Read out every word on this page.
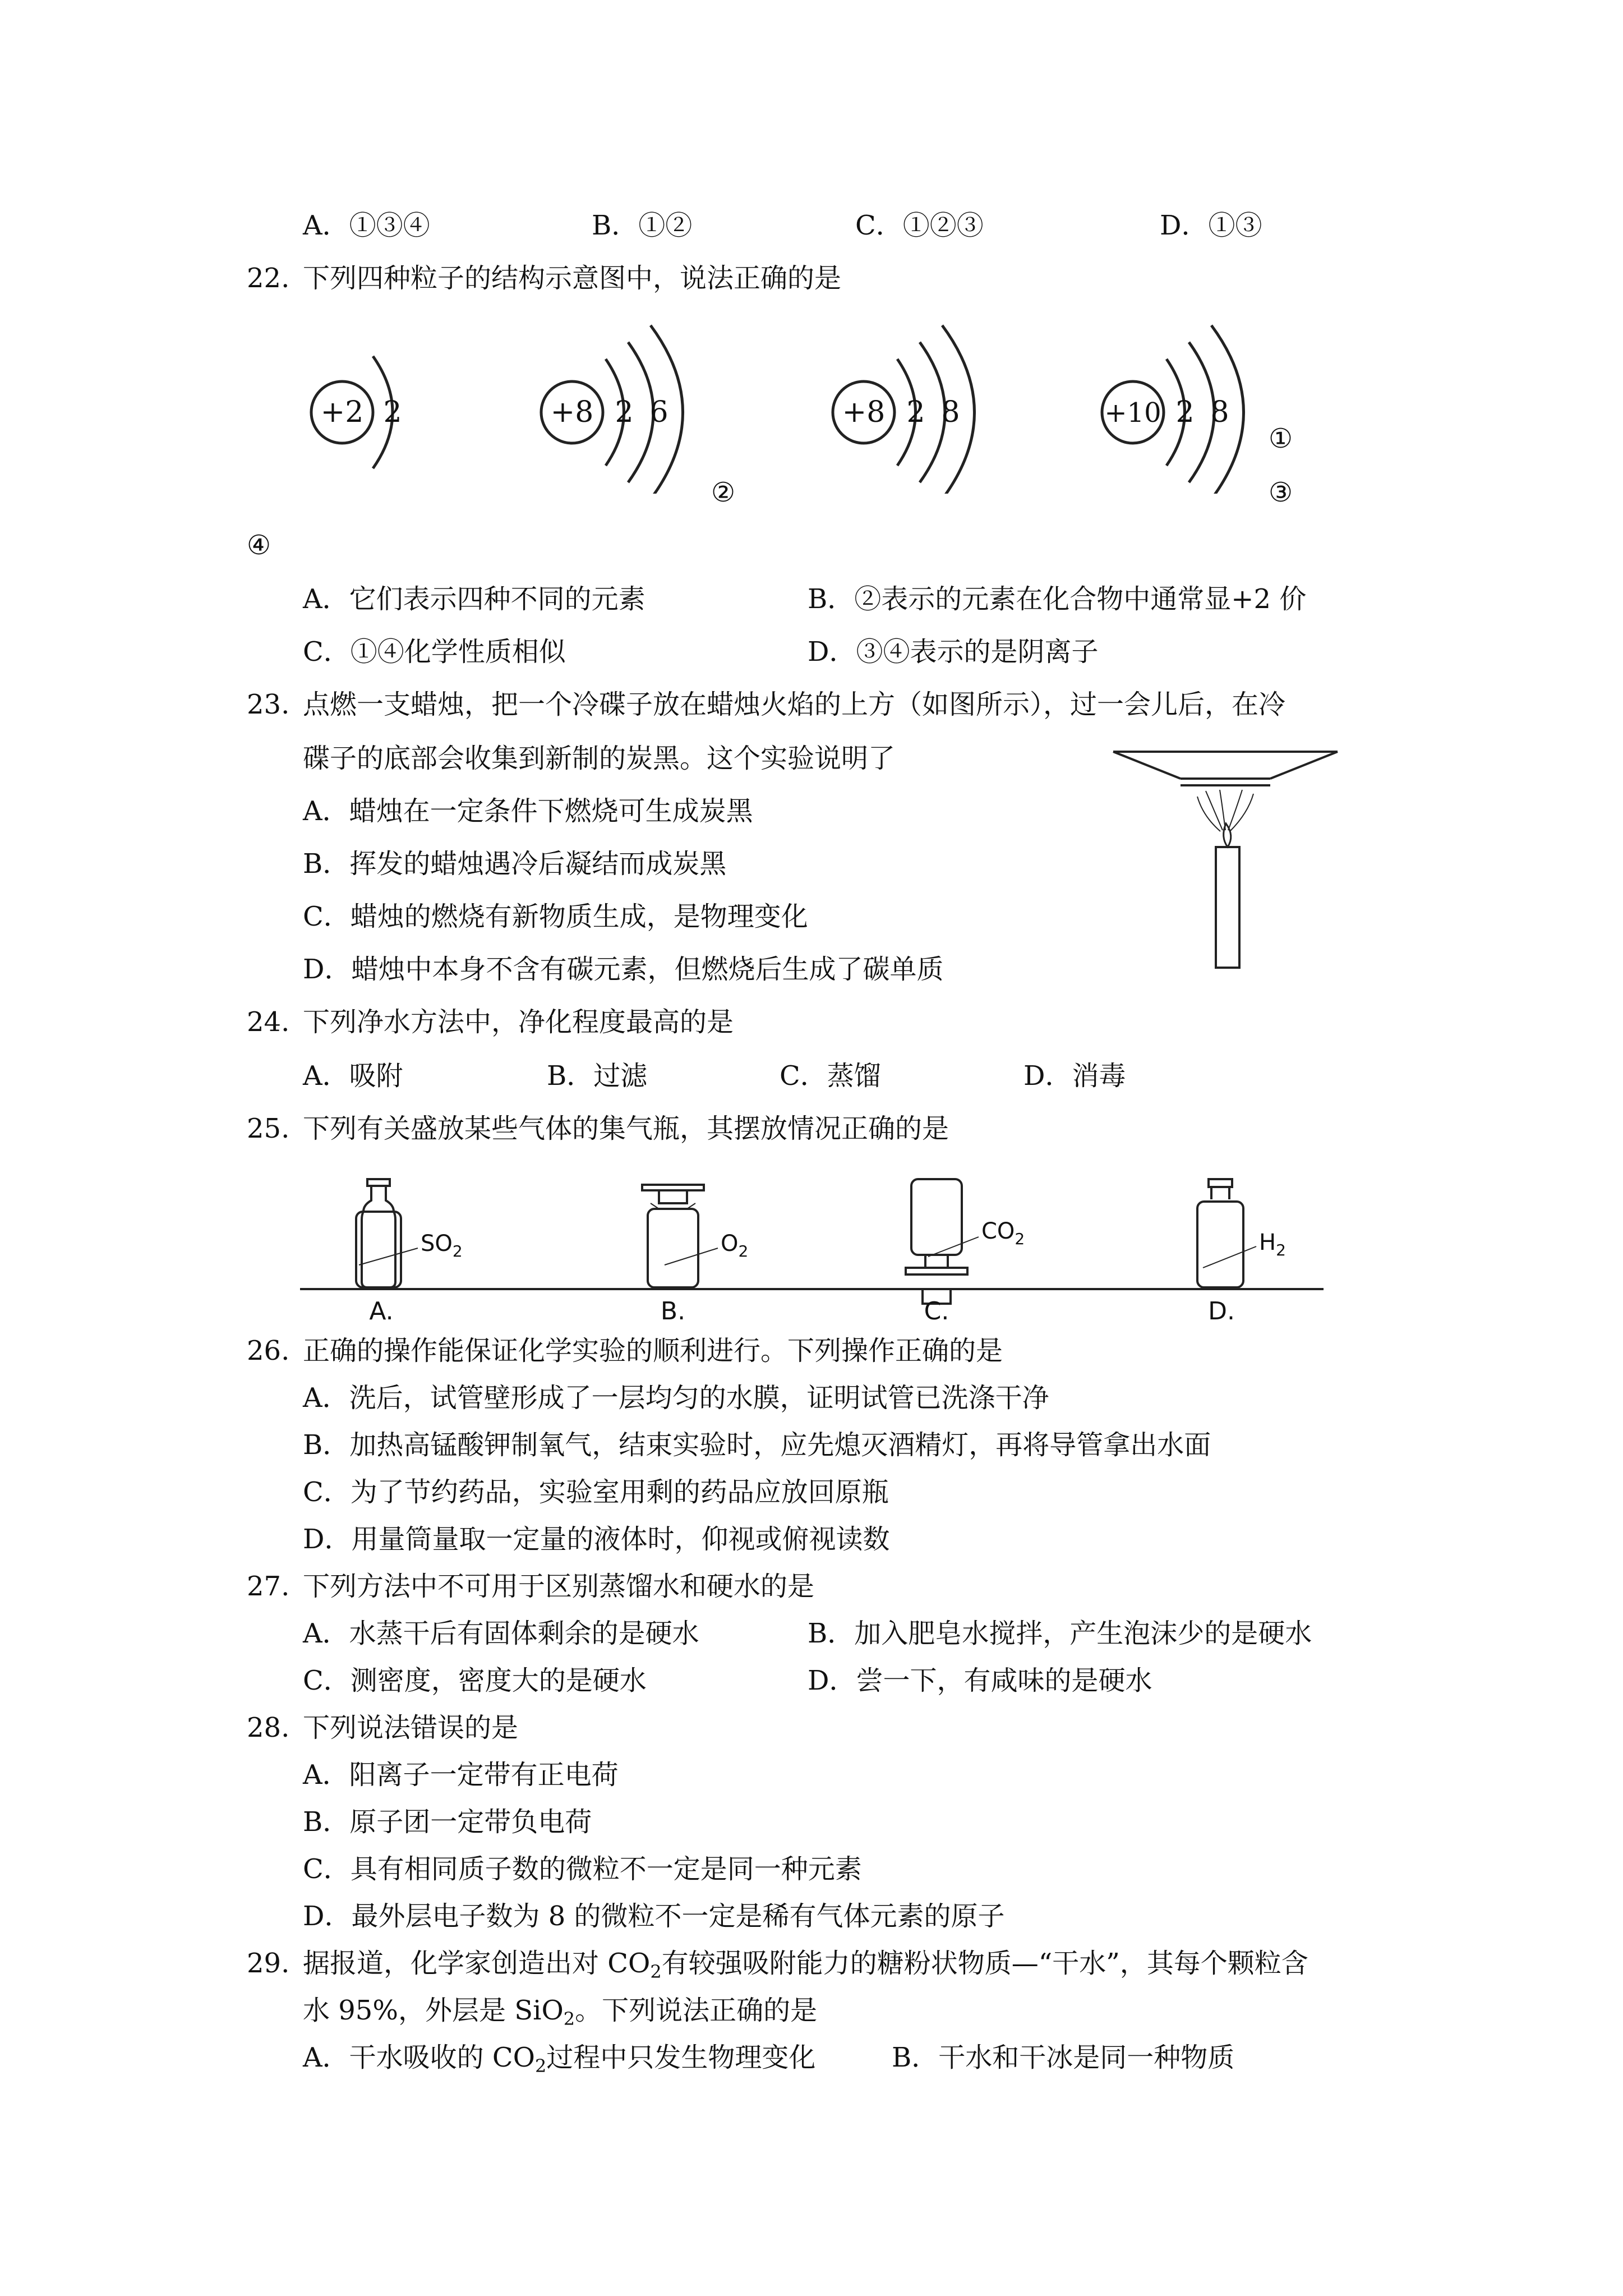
A．①③④	B．①②	C．①②③	D．①③
22. 下列四种粒子的结构示意图中，说法正确的是
+2 2	+8 2 6	+8 2 8	+10 2 8
①
②	③
④
A．它们表示四种不同的元素	B．②表示的元素在化合物中通常显+2 价
C．①④化学性质相似	D．③④表示的是阴离子
23. 点燃一支蜡烛，把一个冷碟子放在蜡烛火焰的上方（如图所示），过一会儿后，在冷
碟子的底部会收集到新制的炭黑。这个实验说明了
A．蜡烛在一定条件下燃烧可生成炭黑
B．挥发的蜡烛遇冷后凝结而成炭黑
C．蜡烛的燃烧有新物质生成，是物理变化
D．蜡烛中本身不含有碳元素，但燃烧后生成了碳单质
24. 下列净水方法中，净化程度最高的是
A．吸附	B．过滤	C．蒸馏	D．消毒
25. 下列有关盛放某些气体的集气瓶，其摆放情况正确的是
$SO_2$	$O_2$
$CO_2$	$H_2$
A.	B.	C.	D.
26. 正确的操作能保证化学实验的顺利进行。下列操作正确的是
A．洗后，试管壁形成了一层均匀的水膜，证明试管已洗涤干净
B．加热高锰酸钾制氧气，结束实验时，应先熄灭酒精灯，再将导管拿出水面
C．为了节约药品，实验室用剩的药品应放回原瓶
D．用量筒量取一定量的液体时，仰视或俯视读数
27. 下列方法中不可用于区别蒸馏水和硬水的是
A．水蒸干后有固体剩余的是硬水	B．加入肥皂水搅拌，产生泡沫少的是硬水
C．测密度，密度大的是硬水	D．尝一下，有咸味的是硬水
28. 下列说法错误的是
A．阳离子一定带有正电荷
B．原子团一定带负电荷
C．具有相同质子数的微粒不一定是同一种元素
D．最外层电子数为 8 的微粒不一定是稀有气体元素的原子
29. 据报道，化学家创造出对 $CO_2$有较强吸附能力的糖粉状物质—“干水”，其每个颗粒含
水 95%，外层是 SiO$_2$。下列说法正确的是
A．干水吸收的 $CO_2$过程中只发生物理变化	B．干水和干冰是同一种物质
